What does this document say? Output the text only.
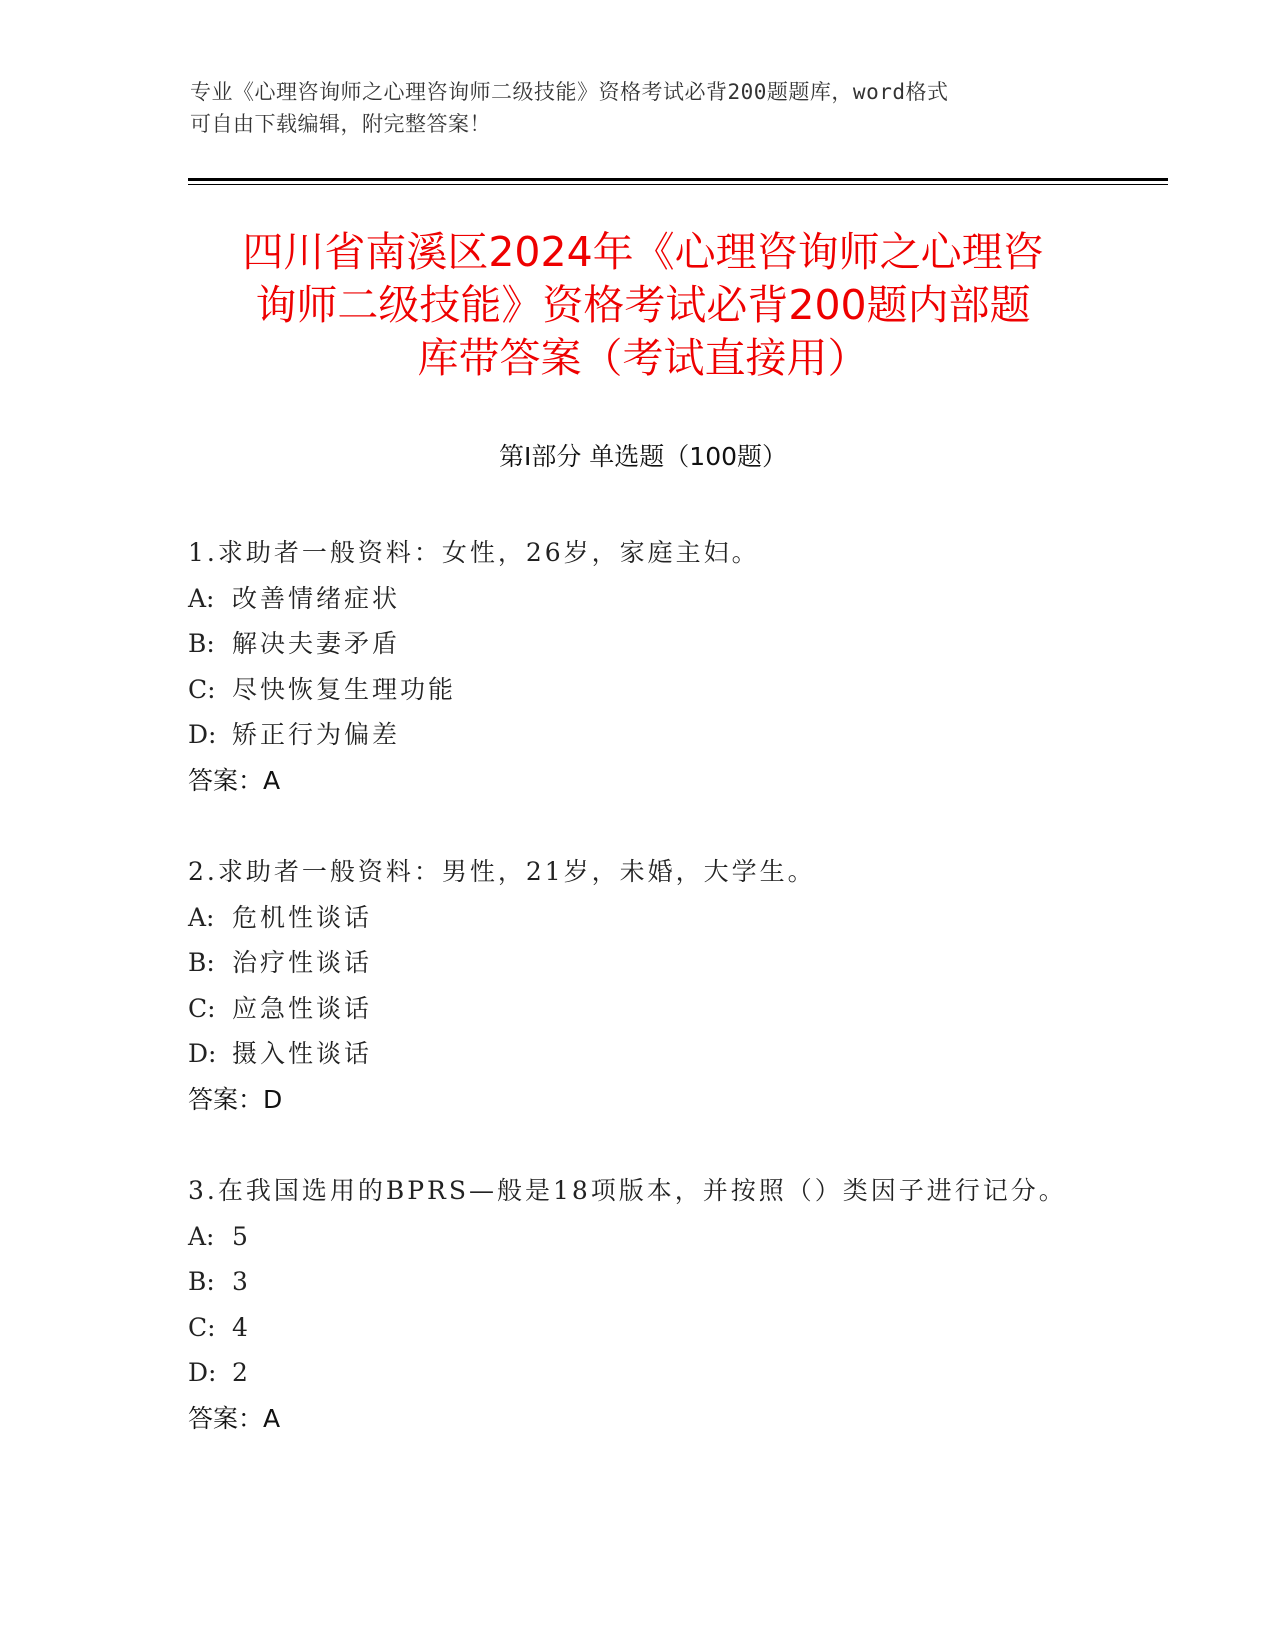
专业《心理咨询师之心理咨询师二级技能》资格考试必背200题题库，word格式
可自由下载编辑，附完整答案！
四川省南溪区2024年《心理咨询师之心理咨
询师二级技能》资格考试必背200题内部题
库带答案（考试直接用）
第Ⅰ部分 单选题（100题）
1.求助者一般资料：女性，26岁，家庭主妇。
A: 改善情绪症状
B: 解决夫妻矛盾
C: 尽快恢复生理功能
D: 矫正行为偏差
答案：A
2.求助者一般资料：男性，21岁，未婚，大学生。
A: 危机性谈话
B: 治疗性谈话
C: 应急性谈话
D: 摄入性谈话
答案：D
3.在我国选用的BPRS—般是18项版本，并按照（）类因子进行记分。
A: 5
B: 3
C: 4
D: 2
答案：A
